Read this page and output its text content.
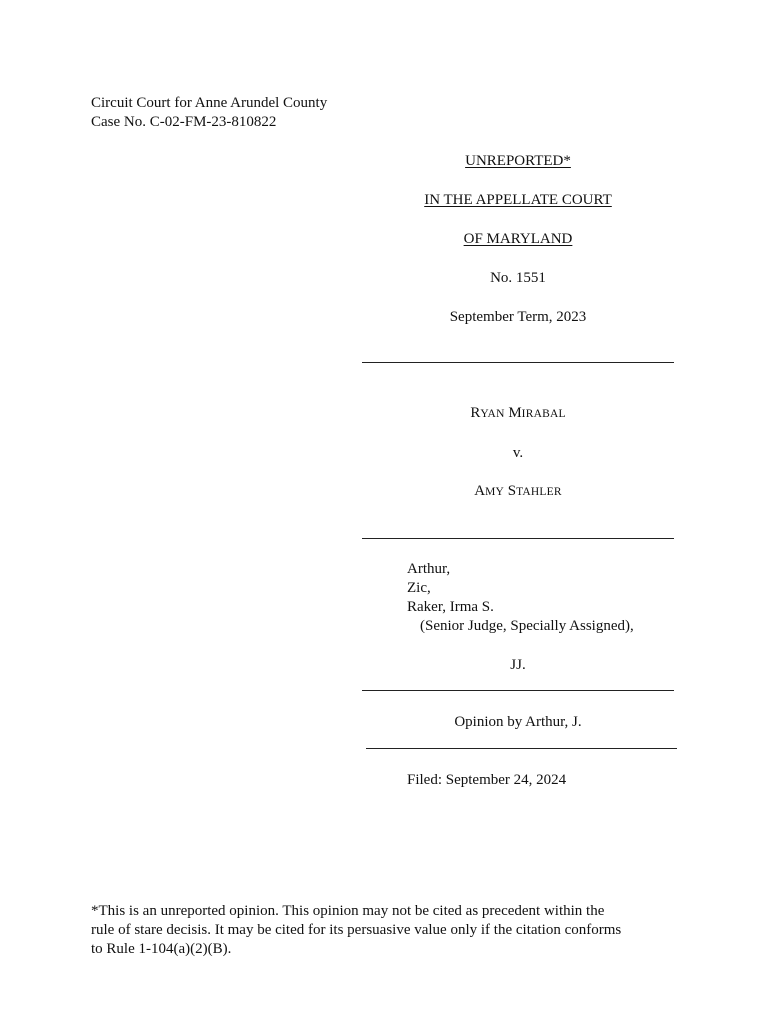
Circuit Court for Anne Arundel County
Case No. C-02-FM-23-810822
UNREPORTED*
IN THE APPELLATE COURT
OF MARYLAND
No. 1551
September Term, 2023
RYAN MIRABAL
v.
AMY STAHLER
Arthur,
Zic,
Raker, Irma S.
(Senior Judge, Specially Assigned),
JJ.
Opinion by Arthur, J.
Filed: September 24, 2024
*This is an unreported opinion. This opinion may not be cited as precedent within the
rule of stare decisis. It may be cited for its persuasive value only if the citation conforms
to Rule 1-104(a)(2)(B).
